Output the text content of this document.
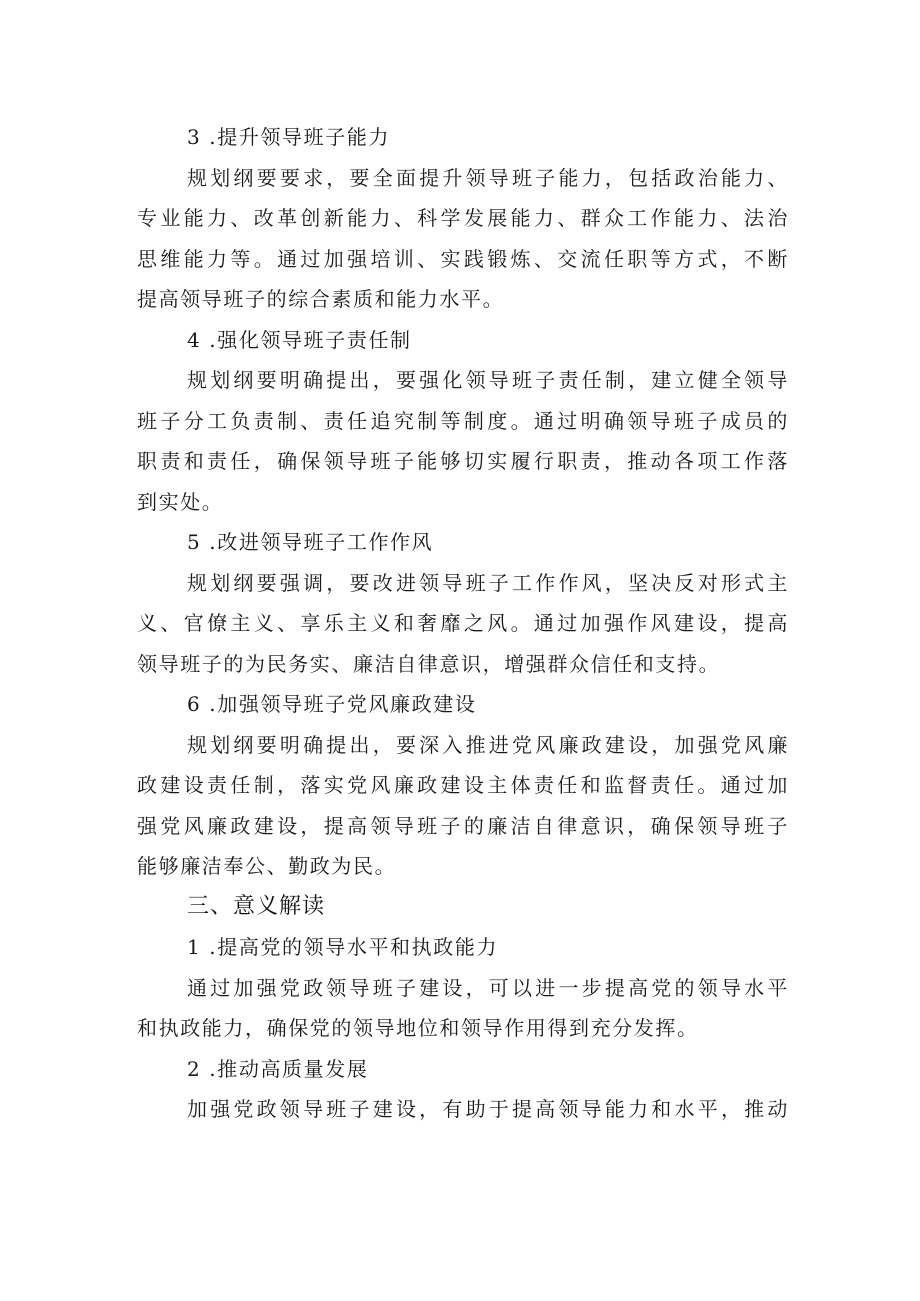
3 .提升领导班子能力
规划纲要要求，要全面提升领导班子能力，包括政治能力、
专业能力、改革创新能力、科学发展能力、群众工作能力、法治
思维能力等。通过加强培训、实践锻炼、交流任职等方式，不断
提高领导班子的综合素质和能力水平。
4 .强化领导班子责任制
规划纲要明确提出，要强化领导班子责任制，建立健全领导
班子分工负责制、责任追究制等制度。通过明确领导班子成员的
职责和责任，确保领导班子能够切实履行职责，推动各项工作落
到实处。
5 .改进领导班子工作作风
规划纲要强调，要改进领导班子工作作风，坚决反对形式主
义、官僚主义、享乐主义和奢靡之风。通过加强作风建设，提高
领导班子的为民务实、廉洁自律意识，增强群众信任和支持。
6 .加强领导班子党风廉政建设
规划纲要明确提出，要深入推进党风廉政建设，加强党风廉
政建设责任制，落实党风廉政建设主体责任和监督责任。通过加
强党风廉政建设，提高领导班子的廉洁自律意识，确保领导班子
能够廉洁奉公、勤政为民。
三、意义解读
1 .提高党的领导水平和执政能力
通过加强党政领导班子建设，可以进一步提高党的领导水平
和执政能力，确保党的领导地位和领导作用得到充分发挥。
2 .推动高质量发展
加强党政领导班子建设，有助于提高领导能力和水平，推动
